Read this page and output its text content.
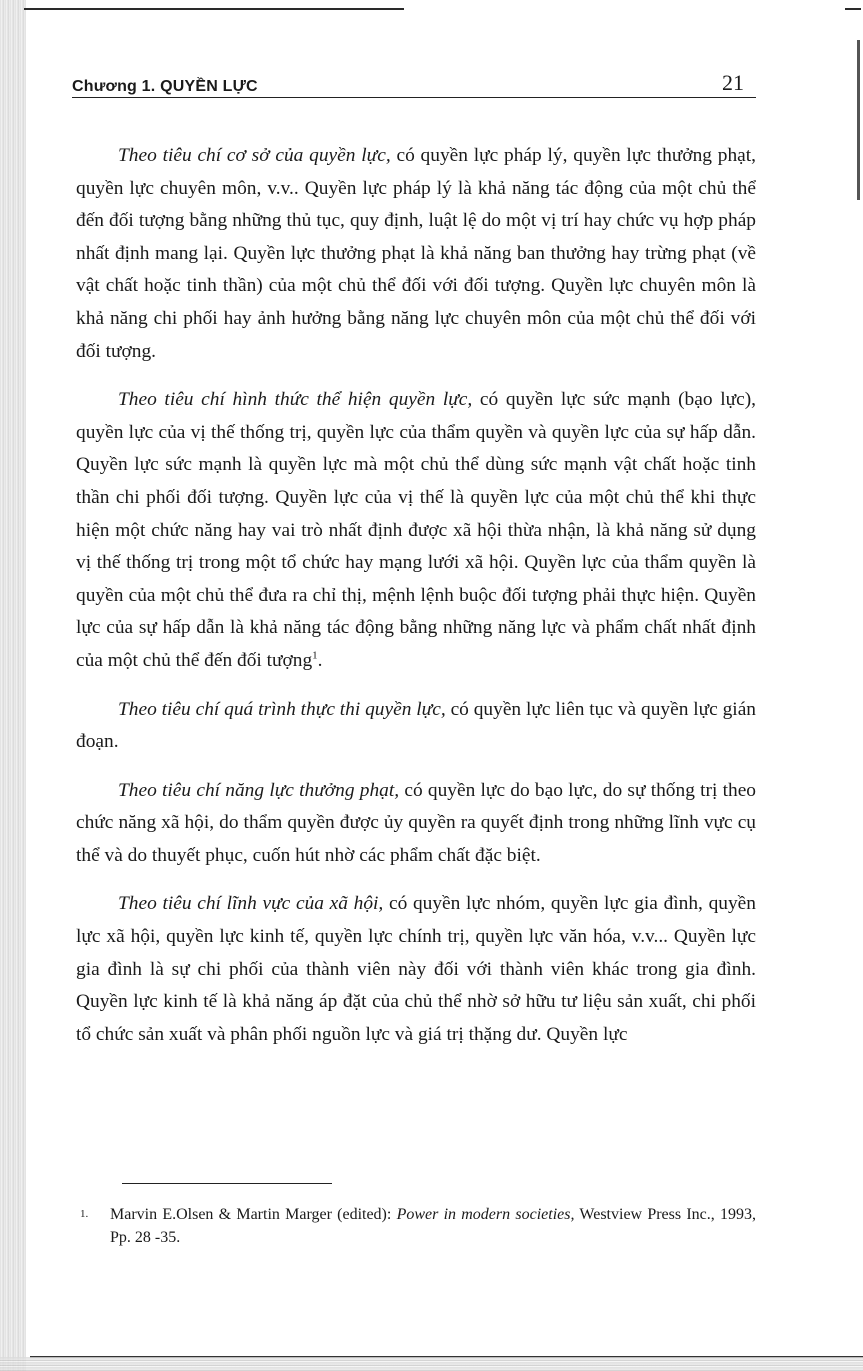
Chương 1. QUYỀN LỰC	21

Theo tiêu chí cơ sở của quyền lực, có quyền lực pháp lý, quyền lực thưởng phạt, quyền lực chuyên môn, v.v.. Quyền lực pháp lý là khả năng tác động của một chủ thể đến đối tượng bằng những thủ tục, quy định, luật lệ do một vị trí hay chức vụ hợp pháp nhất định mang lại. Quyền lực thưởng phạt là khả năng ban thưởng hay trừng phạt (về vật chất hoặc tinh thần) của một chủ thể đối với đối tượng. Quyền lực chuyên môn là khả năng chi phối hay ảnh hưởng bằng năng lực chuyên môn của một chủ thể đối với đối tượng.

Theo tiêu chí hình thức thể hiện quyền lực, có quyền lực sức mạnh (bạo lực), quyền lực của vị thế thống trị, quyền lực của thẩm quyền và quyền lực của sự hấp dẫn. Quyền lực sức mạnh là quyền lực mà một chủ thể dùng sức mạnh vật chất hoặc tinh thần chi phối đối tượng. Quyền lực của vị thế là quyền lực của một chủ thể khi thực hiện một chức năng hay vai trò nhất định được xã hội thừa nhận, là khả năng sử dụng vị thế thống trị trong một tổ chức hay mạng lưới xã hội. Quyền lực của thẩm quyền là quyền của một chủ thể đưa ra chỉ thị, mệnh lệnh buộc đối tượng phải thực hiện. Quyền lực của sự hấp dẫn là khả năng tác động bằng những năng lực và phẩm chất nhất định của một chủ thể đến đối tượng$^1$.

Theo tiêu chí quá trình thực thi quyền lực, có quyền lực liên tục và quyền lực gián đoạn.

Theo tiêu chí năng lực thưởng phạt, có quyền lực do bạo lực, do sự thống trị theo chức năng xã hội, do thẩm quyền được ủy quyền ra quyết định trong những lĩnh vực cụ thể và do thuyết phục, cuốn hút nhờ các phẩm chất đặc biệt.

Theo tiêu chí lĩnh vực của xã hội, có quyền lực nhóm, quyền lực gia đình, quyền lực xã hội, quyền lực kinh tế, quyền lực chính trị, quyền lực văn hóa, v.v... Quyền lực gia đình là sự chi phối của thành viên này đối với thành viên khác trong gia đình. Quyền lực kinh tế là khả năng áp đặt của chủ thể nhờ sở hữu tư liệu sản xuất, chi phối tổ chức sản xuất và phân phối nguồn lực và giá trị thặng dư. Quyền lực

1. Marvin E.Olsen & Martin Marger (edited): Power in modern societies, Westview Press Inc., 1993, Pp. 28 -35.
